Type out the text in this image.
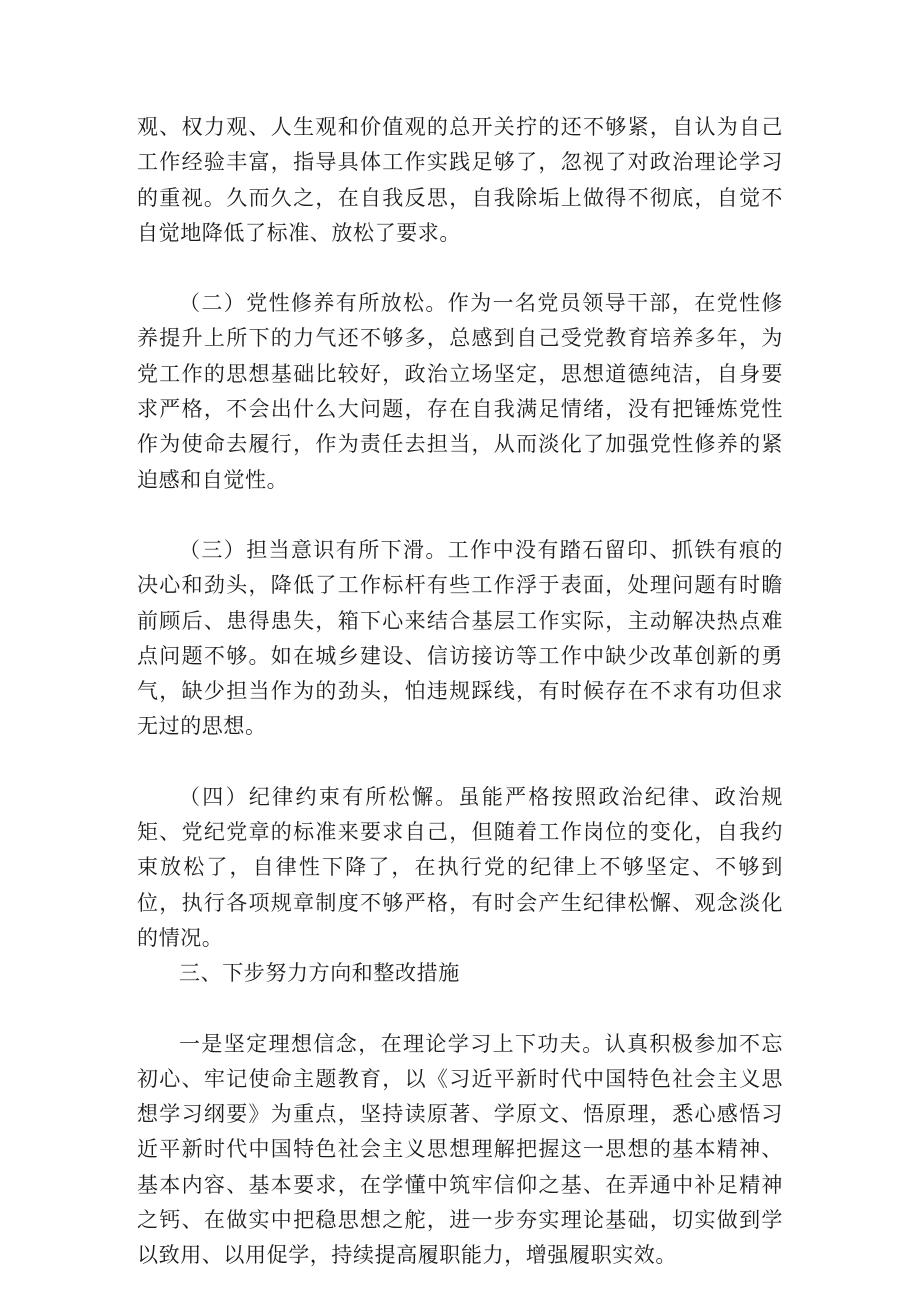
观、权力观、人生观和价值观的总开关拧的还不够紧，自认为自己工作经验丰富，指导具体工作实践足够了，忽视了对政治理论学习的重视。久而久之，在自我反思，自我除垢上做得不彻底，自觉不自觉地降低了标准、放松了要求。

（二）党性修养有所放松。作为一名党员领导干部，在党性修养提升上所下的力气还不够多，总感到自己受党教育培养多年，为党工作的思想基础比较好，政治立场坚定，思想道德纯洁，自身要求严格，不会出什么大问题，存在自我满足情绪，没有把锤炼党性作为使命去履行，作为责任去担当，从而淡化了加强党性修养的紧迫感和自觉性。

（三）担当意识有所下滑。工作中没有踏石留印、抓铁有痕的决心和劲头，降低了工作标杆有些工作浮于表面，处理问题有时瞻前顾后、患得患失，箱下心来结合基层工作实际，主动解决热点难点问题不够。如在城乡建设、信访接访等工作中缺少改革创新的勇气，缺少担当作为的劲头，怕违规踩线，有时候存在不求有功但求无过的思想。

（四）纪律约束有所松懈。虽能严格按照政治纪律、政治规矩、党纪党章的标准来要求自己，但随着工作岗位的变化，自我约束放松了，自律性下降了，在执行党的纪律上不够坚定、不够到位，执行各项规章制度不够严格，有时会产生纪律松懈、观念淡化的情况。

三、下步努力方向和整改措施

一是坚定理想信念，在理论学习上下功夫。认真积极参加不忘初心、牢记使命主题教育，以《习近平新时代中国特色社会主义思想学习纲要》为重点，坚持读原著、学原文、悟原理，悉心感悟习近平新时代中国特色社会主义思想理解把握这一思想的基本精神、基本内容、基本要求，在学懂中筑牢信仰之基、在弄通中补足精神之钙、在做实中把稳思想之舵，进一步夯实理论基础，切实做到学以致用、以用促学，持续提高履职能力，增强履职实效。
